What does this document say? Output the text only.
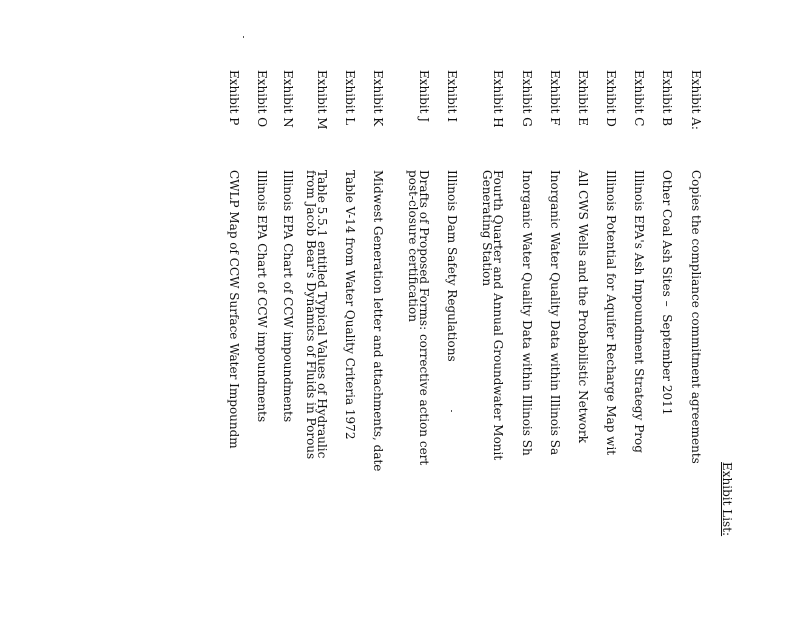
Exhibit List:
Exhibit A:
Copies the compliance commitment agreements
Exhibit B
Other Coal Ash Sites –  September 2011
Exhibit C
Illinois EPA's Ash Impoundment Strategy Prog
Exhibit D
Illinois Potential for Aquifer Recharge Map wit
Exhibit E
All CWS Wells and the Probabilistic Network
Exhibit F
Inorganic Water Quality Data within Illinois Sa
Exhibit G
Inorganic Water Quality Data within Illinois Sh
Exhibit H
Fourth Quarter and Annual Groundwater Monit
Generating Station
Exhibit I
Illinois Dam Safety Regulations
Exhibit J
Drafts of Proposed Forms: corrective action cert
post-closure certification
Exhibit K
Midwest Generation letter and attachments, date
Exhibit L
Table V-14 from Water Quality Criteria 1972
Exhibit M
Table 5.5.1 entitled Typical Values of Hydraulic
from Jacob Bear's Dynamics of Fluids in Porous
Exhibit N
Illinois EPA Chart of CCW impoundments
Exhibit O
Illinois EPA Chart of CCW impoundments
Exhibit P
CWLP Map of CCW Surface Water Impoundm
